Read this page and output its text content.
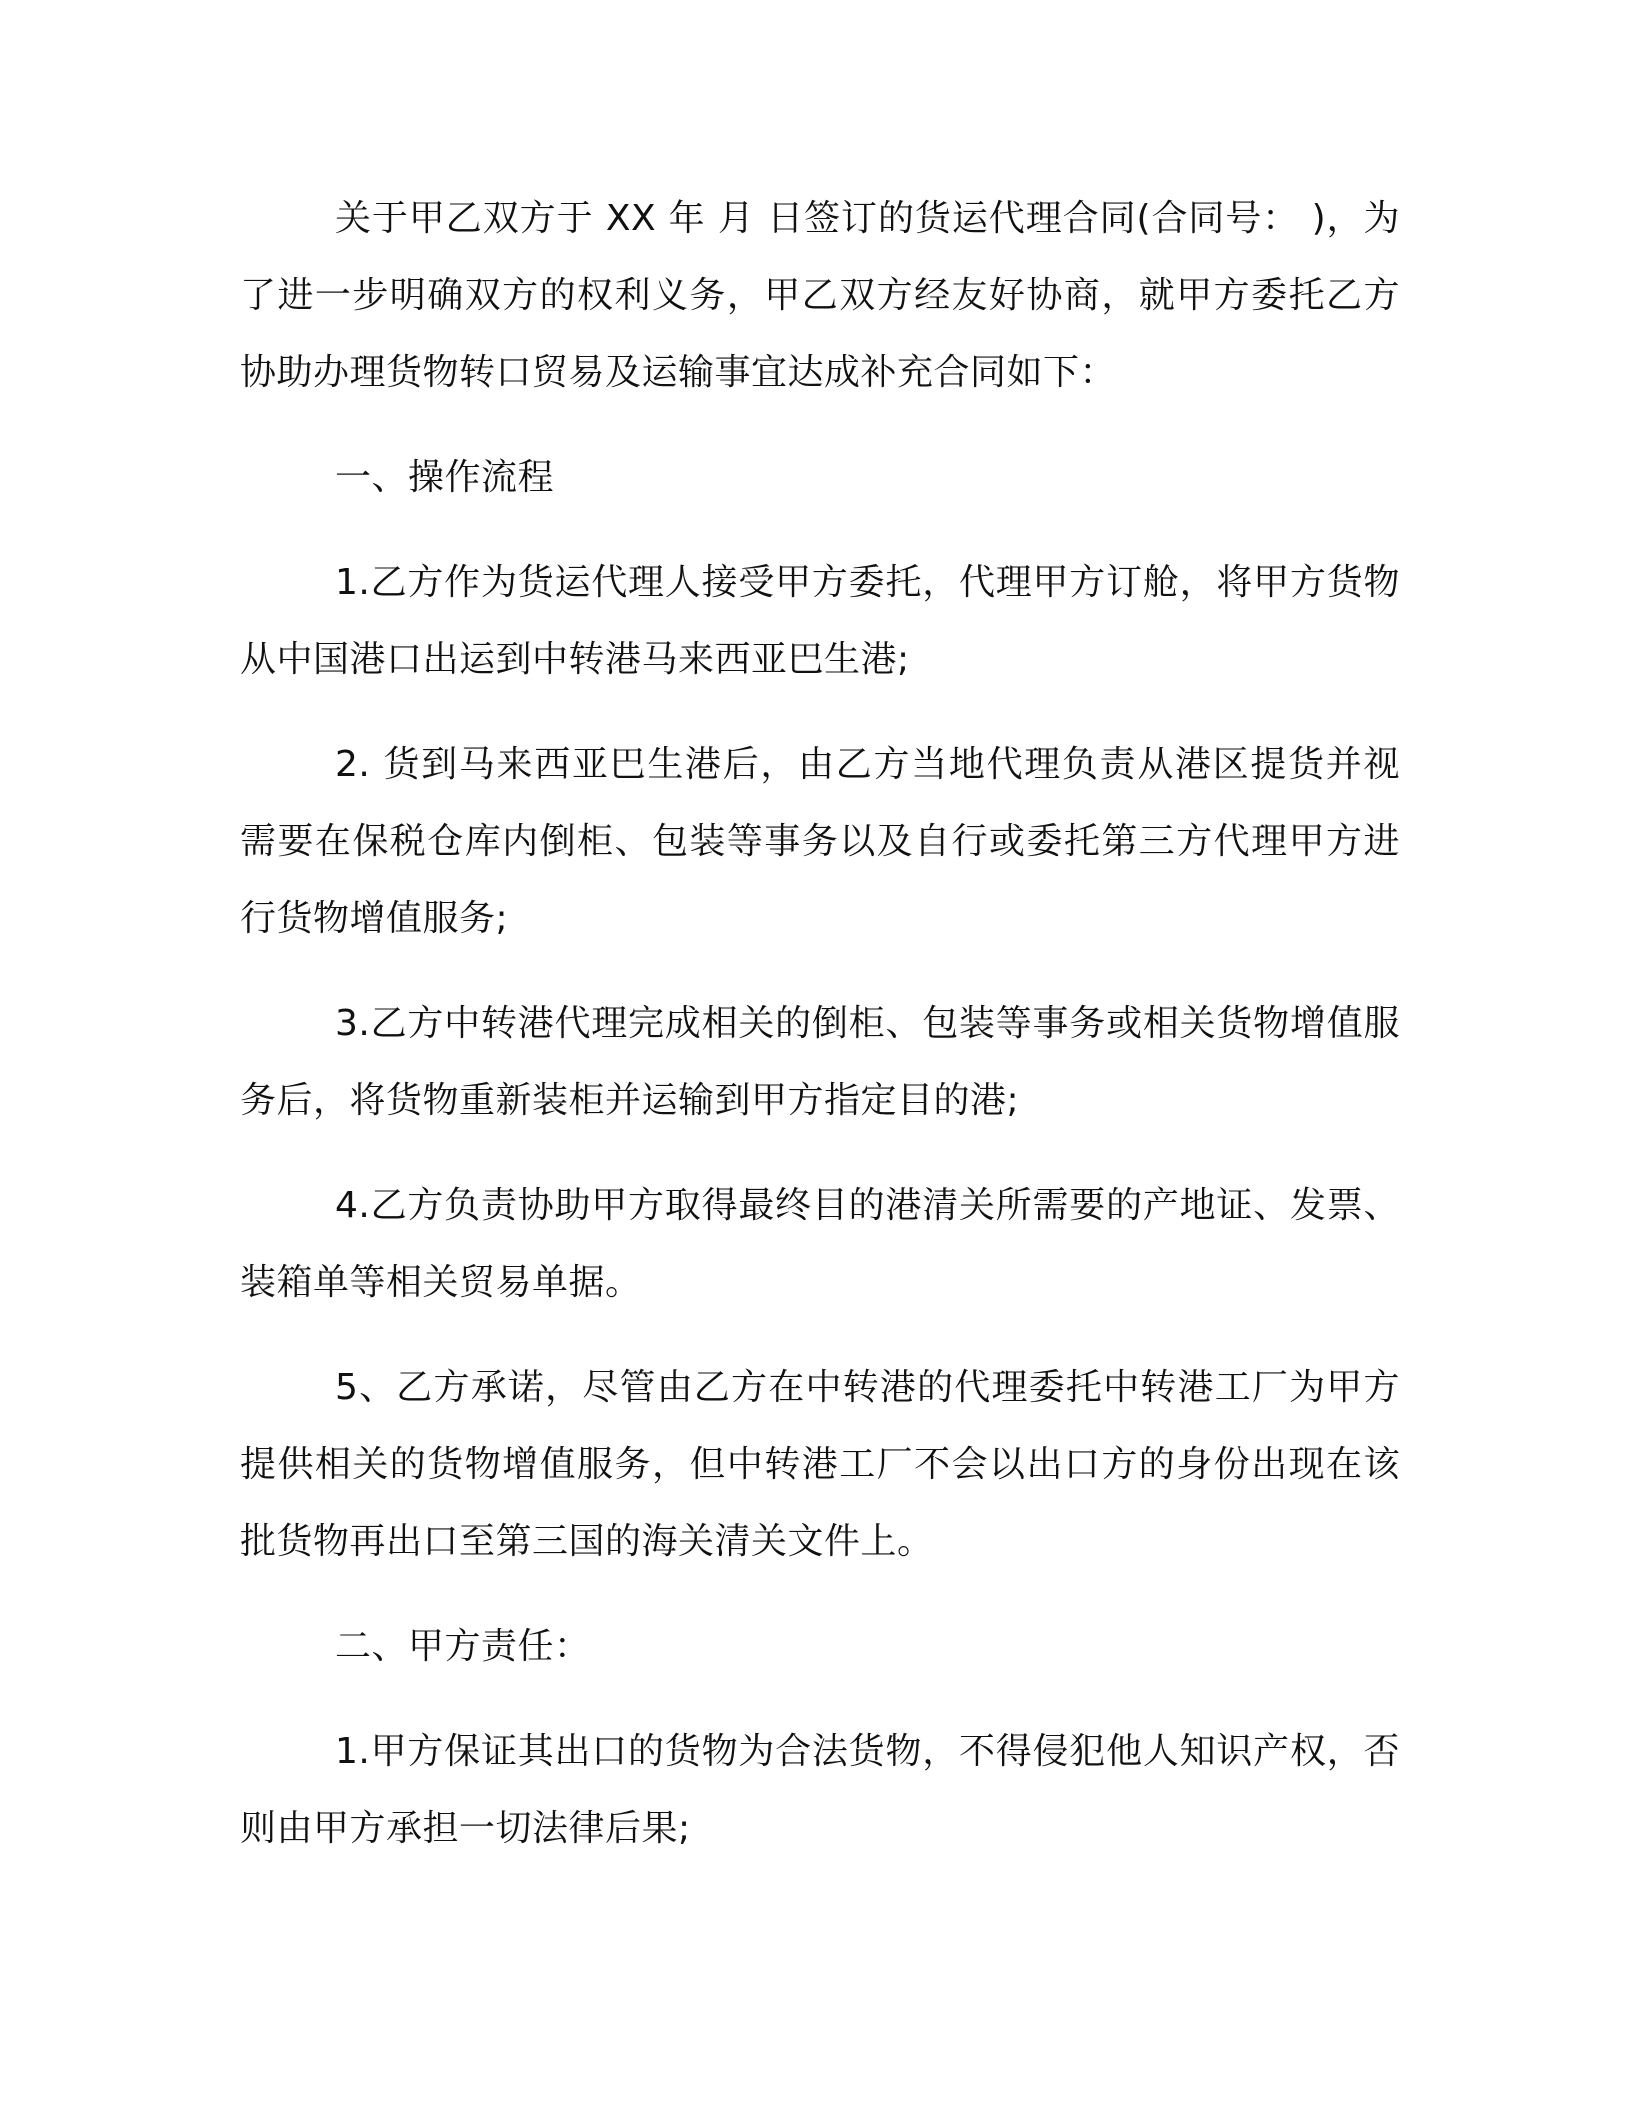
关于甲乙双方于 XX 年 月 日签订的货运代理合同(合同号： )，为了进一步明确双方的权利义务，甲乙双方经友好协商，就甲方委托乙方协助办理货物转口贸易及运输事宜达成补充合同如下：

一、操作流程

1.乙方作为货运代理人接受甲方委托，代理甲方订舱，将甲方货物从中国港口出运到中转港马来西亚巴生港;

2. 货到马来西亚巴生港后，由乙方当地代理负责从港区提货并视需要在保税仓库内倒柜、包装等事务以及自行或委托第三方代理甲方进行货物增值服务;

3.乙方中转港代理完成相关的倒柜、包装等事务或相关货物增值服务后，将货物重新装柜并运输到甲方指定目的港;

4.乙方负责协助甲方取得最终目的港清关所需要的产地证、发票、装箱单等相关贸易单据。

5、乙方承诺，尽管由乙方在中转港的代理委托中转港工厂为甲方提供相关的货物增值服务，但中转港工厂不会以出口方的身份出现在该批货物再出口至第三国的海关清关文件上。

二、甲方责任：

1.甲方保证其出口的货物为合法货物，不得侵犯他人知识产权，否则由甲方承担一切法律后果;
